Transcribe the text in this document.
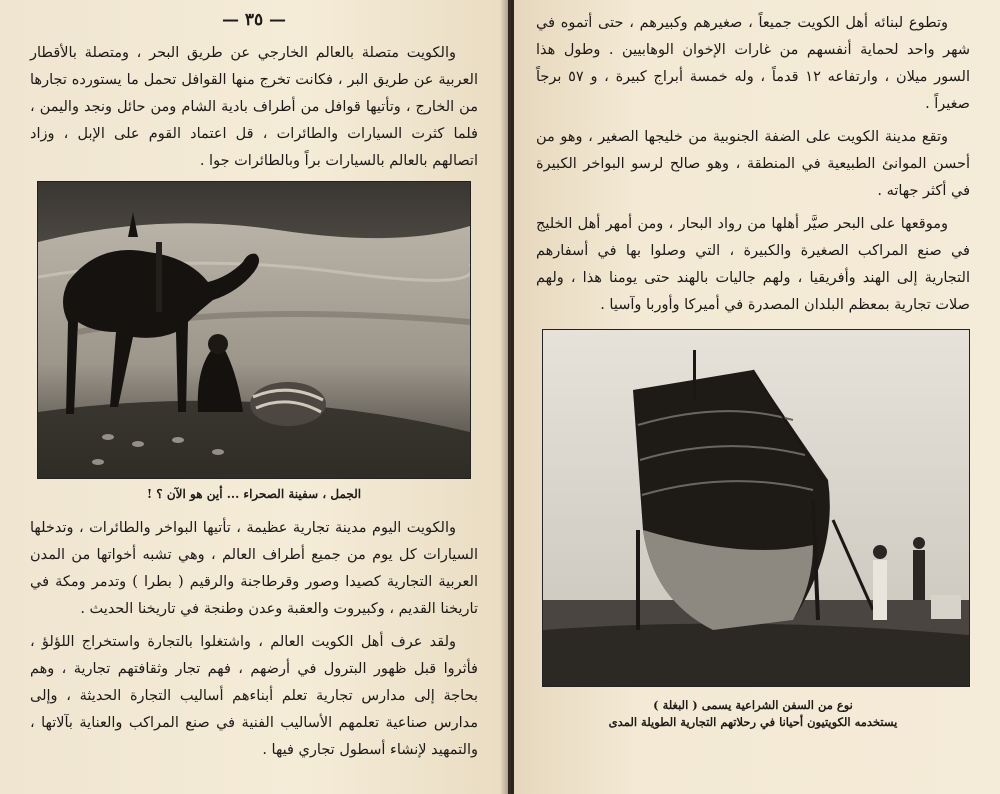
— ٣٥ —

والكويت متصلة بالعالم الخارجي عن طريق البحر ، ومتصلة بالأقطار العربية عن طريق البر ، فكانت تخرج منها القوافل تحمل ما يستورده تجارها من الخارج ، وتأتيها قوافل من أطراف بادية الشام ومن حائل ونجد واليمن ، فلما كثرت السيارات والطائرات ، قل اعتماد القوم على الإبل ، وزاد اتصالهم بالعالم بالسيارات براً وبالطائرات جوا .

الجمل ، سفينة الصحراء ... أين هو الآن ؟ !

والكويت اليوم مدينة تجارية عظيمة ، تأتيها البواخر والطائرات ، وتدخلها السيارات كل يوم من جميع أطراف العالم ، وهي تشبه أخواتها من المدن العربية التجارية كصيدا وصور وقرطاجنة والرقيم ( بطرا ) وتدمر ومكة في تاريخنا القديم ، وكبيروت والعقبة وعدن وطنجة في تاريخنا الحديث .

ولقد عرف أهل الكويت العالم ، واشتغلوا بالتجارة واستخراج اللؤلؤ ، فأثروا قبل ظهور البترول في أرضهم ، فهم تجار وثقافتهم تجارية ، وهم بحاجة إلى مدارس تجارية تعلم أبناءهم أساليب التجارة الحديثة ، وإلى مدارس صناعية تعلمهم الأساليب الفنية في صنع المراكب والعناية بآلاتها ، والتمهيد لإنشاء أسطول تجاري فيها .

وتطوع لبنائه أهل الكويت جميعاً ، صغيرهم وكبيرهم ، حتى أتموه في شهر واحد لحماية أنفسهم من غارات الإخوان الوهابيين . وطول هذا السور ميلان ، وارتفاعه ١٢ قدماً ، وله خمسة أبراج كبيرة ، و ٥٧ برجاً صغيراً .

وتقع مدينة الكويت على الضفة الجنوبية من خليجها الصغير ، وهو من أحسن الموانئ الطبيعية في المنطقة ، وهو صالح لرسو البواخر الكبيرة في أكثر جهاته .

وموقعها على البحر صيَّر أهلها من رواد البحار ، ومن أمهر أهل الخليج في صنع المراكب الصغيرة والكبيرة ، التي وصلوا بها في أسفارهم التجارية إلى الهند وأفريقيا ، ولهم جاليات بالهند حتى يومنا هذا ، ولهم صلات تجارية بمعظم البلدان المصدرة في أميركا وأوربا وآسيا .

نوع من السفن الشراعية يسمى ( البغلة )
يستخدمه الكويتيون أحيانا في رحلاتهم التجارية الطويلة المدى
